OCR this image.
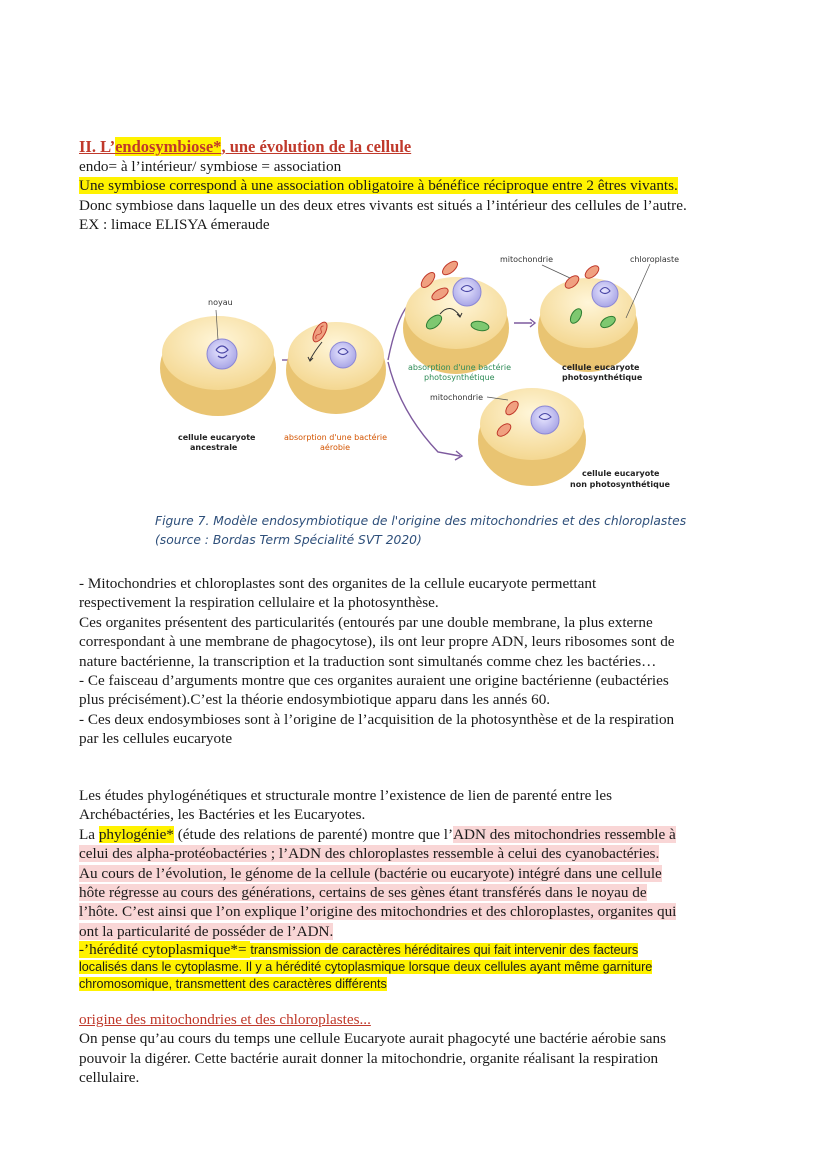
II. L’endosymbiose*, une évolution de la cellule
endo= à l’intérieur/ symbiose = association
Une symbiose correspond à une association obligatoire à bénéfice réciproque entre 2 êtres vivants.
Donc symbiose dans laquelle un des deux etres vivants est situés a l’intérieur des cellules de l’autre.
EX : limace ELISYA émeraude
noyau
cellule eucaryote
ancestrale
absorption d'une bactérie
aérobie
absorption d'une bactérie
photosynthétique
mitochondrie	chloroplaste
cellule eucaryote
photosynthétique
mitochondrie
cellule eucaryote
non photosynthétique
Figure 7. Modèle endosymbiotique de l'origine des mitochondries et des chloroplastes
(source : Bordas Term Spécialité SVT 2020)
- Mitochondries et chloroplastes sont des organites de la cellule eucaryote permettant
respectivement la respiration cellulaire et la photosynthèse.
Ces organites présentent des particularités (entourés par une double membrane, la plus externe
correspondant à une membrane de phagocytose), ils ont leur propre ADN, leurs ribosomes sont de
nature bactérienne, la transcription et la traduction sont simultanés comme chez les bactéries…
- Ce faisceau d’arguments montre que ces organites auraient une origine bactérienne (eubactéries
plus précisément).C’est la théorie endosymbiotique apparu dans les annés 60.
- Ces deux endosymbioses sont à l’origine de l’acquisition de la photosynthèse et de la respiration
par les cellules eucaryote
Les études phylogénétiques et structurale montre l’existence de lien de parenté entre les
Archébactéries, les Bactéries et les Eucaryotes.
La phylogénie* (étude des relations de parenté) montre que l’ADN des mitochondries ressemble à
celui des alpha-protéobactéries ; l’ADN des chloroplastes ressemble à celui des cyanobactéries.
Au cours de l’évolution, le génome de la cellule (bactérie ou eucaryote) intégré dans une cellule
hôte régresse au cours des générations, certains de ses gènes étant transférés dans le noyau de
l’hôte. C’est ainsi que l’on explique l’origine des mitochondries et des chloroplastes, organites qui
ont la particularité de posséder de l’ADN.
-’hérédité cytoplasmique*= transmission de caractères héréditaires qui fait intervenir des facteurs
localisés dans le cytoplasme. Il y a hérédité cytoplasmique lorsque deux cellules ayant même garniture
chromosomique, transmettent des caractères différents
origine des mitochondries et des chloroplastes...
On pense qu’au cours du temps une cellule Eucaryote aurait phagocyté une bactérie aérobie sans
pouvoir la digérer. Cette bactérie aurait donner la mitochondrie, organite réalisant la respiration
cellulaire.
